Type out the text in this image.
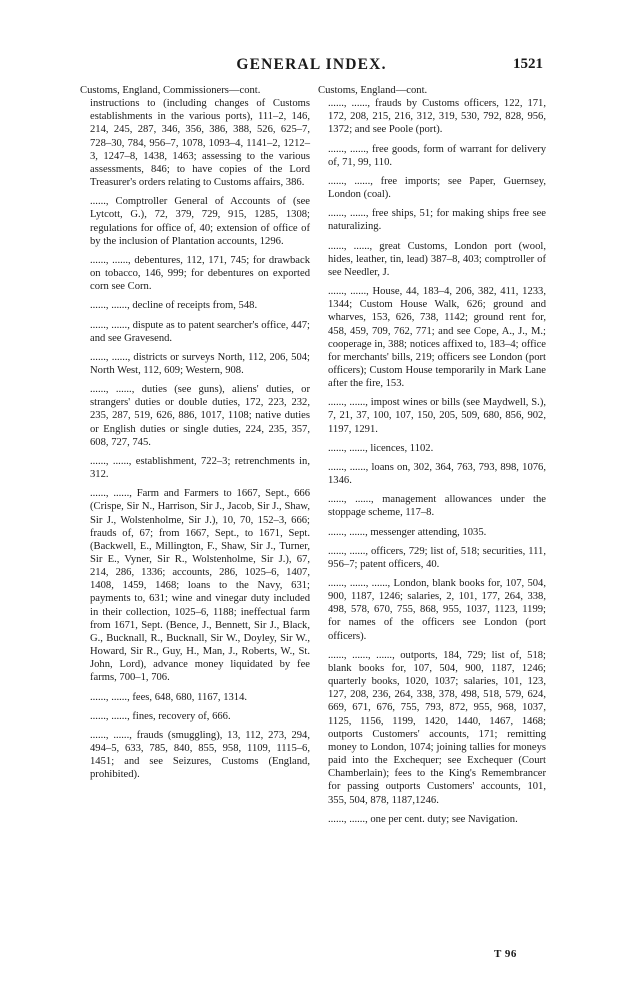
GENERAL INDEX.	1521

Customs, England, Commissioners—cont.

instructions to (including changes of Customs establishments in the various ports), 111–2, 146, 214, 245, 287, 346, 356, 386, 388, 526, 625–7, 728–30, 784, 956–7, 1078, 1093–4, 1141–2, 1212–3, 1247–8, 1438, 1463; assessing to the various assessments, 846; to have copies of the Lord Treasurer's orders relating to Customs affairs, 386.

......, Comptroller General of Accounts of (see Lytcott, G.), 72, 379, 729, 915, 1285, 1308; regulations for office of, 40; extension of office of by the inclusion of Plantation accounts, 1296.

......, ......, debentures, 112, 171, 745; for drawback on tobacco, 146, 999; for debentures on exported corn see Corn.

......, ......, decline of receipts from, 548.

......, ......, dispute as to patent searcher's office, 447; and see Gravesend.

......, ......, districts or surveys North, 112, 206, 504; North West, 112, 609; Western, 908.

......, ......, duties (see guns), aliens' duties, or strangers' duties or double duties, 172, 223, 232, 235, 287, 519, 626, 886, 1017, 1108; native duties or English duties or single duties, 224, 235, 357, 608, 727, 745.

......, ......, establishment, 722–3; retrenchments in, 312.

......, ......, Farm and Farmers to 1667, Sept., 666 (Crispe, Sir N., Harrison, Sir J., Jacob, Sir J., Shaw, Sir J., Wolstenholme, Sir J.), 10, 70, 152–3, 666; frauds of, 67; from 1667, Sept., to 1671, Sept. (Backwell, E., Millington, F., Shaw, Sir J., Turner, Sir E., Vyner, Sir R., Wolstenholme, Sir J.), 67, 214, 286, 1336; accounts, 286, 1025–6, 1407, 1408, 1459, 1468; loans to the Navy, 631; payments to, 631; wine and vinegar duty included in their collection, 1025–6, 1188; ineffectual farm from 1671, Sept. (Bence, J., Bennett, Sir J., Black, G., Bucknall, R., Bucknall, Sir W., Doyley, Sir W., Howard, Sir R., Guy, H., Man, J., Roberts, W., St. John, Lord), advance money liquidated by fee farms, 700–1, 706.

......, ......, fees, 648, 680, 1167, 1314.

......, ......, fines, recovery of, 666.

......, ......, frauds (smuggling), 13, 112, 273, 294, 494–5, 633, 785, 840, 855, 958, 1109, 1115–6, 1451; and see Seizures, Customs (England, prohibited).

Customs, England—cont.

......, ......, frauds by Customs officers, 122, 171, 172, 208, 215, 216, 312, 319, 530, 792, 828, 956, 1372; and see Poole (port).

......, ......, free goods, form of warrant for delivery of, 71, 99, 110.

......, ......, free imports; see Paper, Guernsey, London (coal).

......, ......, free ships, 51; for making ships free see naturalizing.

......, ......, great Customs, London port (wool, hides, leather, tin, lead) 387–8, 403; comptroller of see Needler, J.

......, ......, House, 44, 183–4, 206, 382, 411, 1233, 1344; Custom House Walk, 626; ground and wharves, 153, 626, 738, 1142; ground rent for, 458, 459, 709, 762, 771; and see Cope, A., J., M.; cooperage in, 388; notices affixed to, 183–4; office for merchants' bills, 219; officers see London (port officers); Custom House temporarily in Mark Lane after the fire, 153.

......, ......, impost wines or bills (see Maydwell, S.), 7, 21, 37, 100, 107, 150, 205, 509, 680, 856, 902, 1197, 1291.

......, ......, licences, 1102.

......, ......, loans on, 302, 364, 763, 793, 898, 1076, 1346.

......, ......, management allowances under the stoppage scheme, 117–8.

......, ......, messenger attending, 1035.

......, ......, officers, 729; list of, 518; securities, 111, 956–7; patent officers, 40.

......, ......, ......, London, blank books for, 107, 504, 900, 1187, 1246; salaries, 2, 101, 177, 264, 338, 498, 578, 670, 755, 868, 955, 1037, 1123, 1199; for names of the officers see London (port officers).

......, ......, ......, outports, 184, 729; list of, 518; blank books for, 107, 504, 900, 1187, 1246; quarterly books, 1020, 1037; salaries, 101, 123, 127, 208, 236, 264, 338, 378, 498, 518, 579, 624, 669, 671, 676, 755, 793, 872, 955, 968, 1037, 1125, 1156, 1199, 1420, 1440, 1467, 1468; outports Customers' accounts, 171; remitting money to London, 1074; joining tallies for moneys paid into the Exchequer; see Exchequer (Court Chamberlain); fees to the King's Remembrancer for passing outports Customers' accounts, 101, 355, 504, 878, 1187,1246.

......, ......, one per cent. duty; see Navigation.

T 96
